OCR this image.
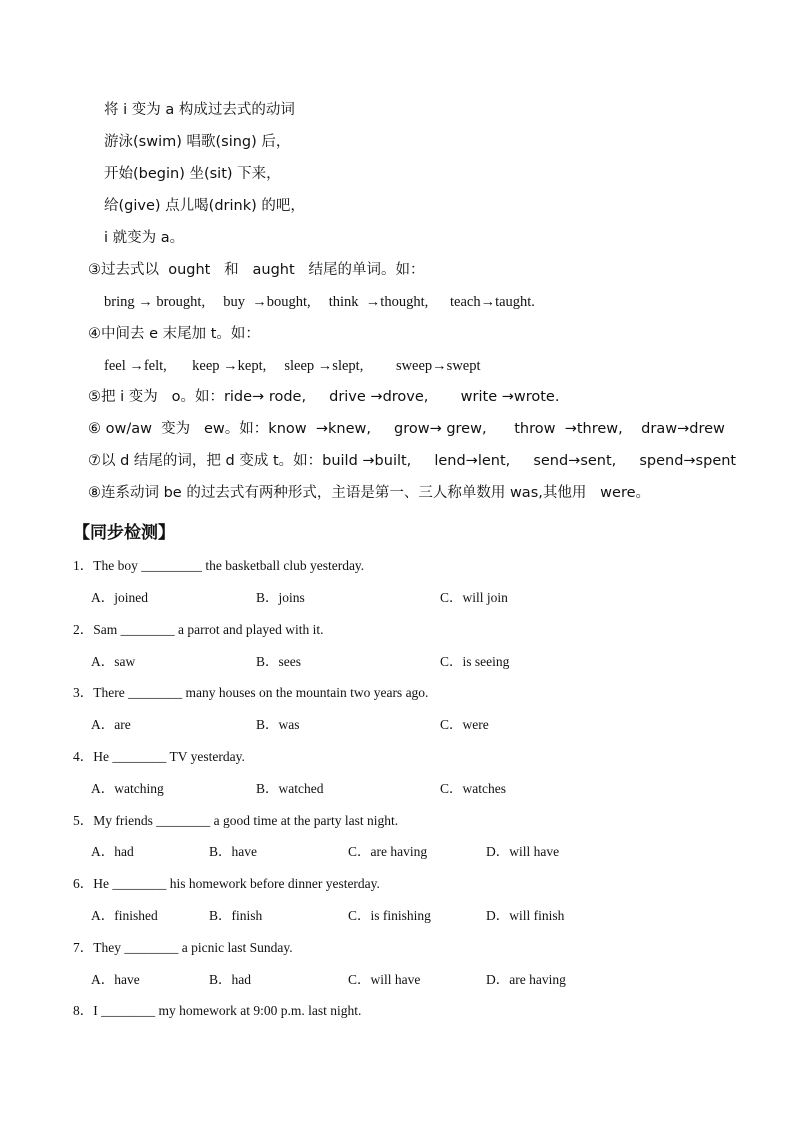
将 i 变为 a 构成过去式的动词
游泳(swim) 唱歌(sing) 后，
开始(begin) 坐(sit) 下来，
给(give) 点儿喝(drink) 的吧，
i 就变为 a。
③过去式以  ought   和   aught   结尾的单词。如：
bring → brought,     buy  →bought,     think  →thought,      teach→taught.
④中间去 e 末尾加 t。如：
feel →felt,       keep →kept,     sleep →slept,         sweep→swept
⑤把 i 变为   o。如：ride→ rode,     drive →drove,       write →wrote.
⑥ ow/aw  变为   ew。如：know  →knew,     grow→ grew,      throw  →threw,    draw→drew
⑦以 d 结尾的词，把 d 变成 t。如：build →built,     lend→lent,     send→sent,     spend→spent
⑧连系动词 be 的过去式有两种形式，主语是第一、三人称单数用 was,其他用   were。
【同步检测】
1．The boy _________ the basketball club yesterday.
A．joined	B．joins	C．will join
2．Sam ________ a parrot and played with it.
A．saw	B．sees	C．is seeing
3．There ________ many houses on the mountain two years ago.
A．are	B．was	C．were
4．He ________ TV yesterday.
A．watching	B．watched	C．watches
5．My friends ________ a good time at the party last night.
A．had	B．have	C．are having	D．will have
6．He ________ his homework before dinner yesterday.
A．finished	B．finish	C．is finishing	D．will finish
7．They ________ a picnic last Sunday.
A．have	B．had	C．will have	D．are having
8．I ________ my homework at 9:00 p.m. last night.
